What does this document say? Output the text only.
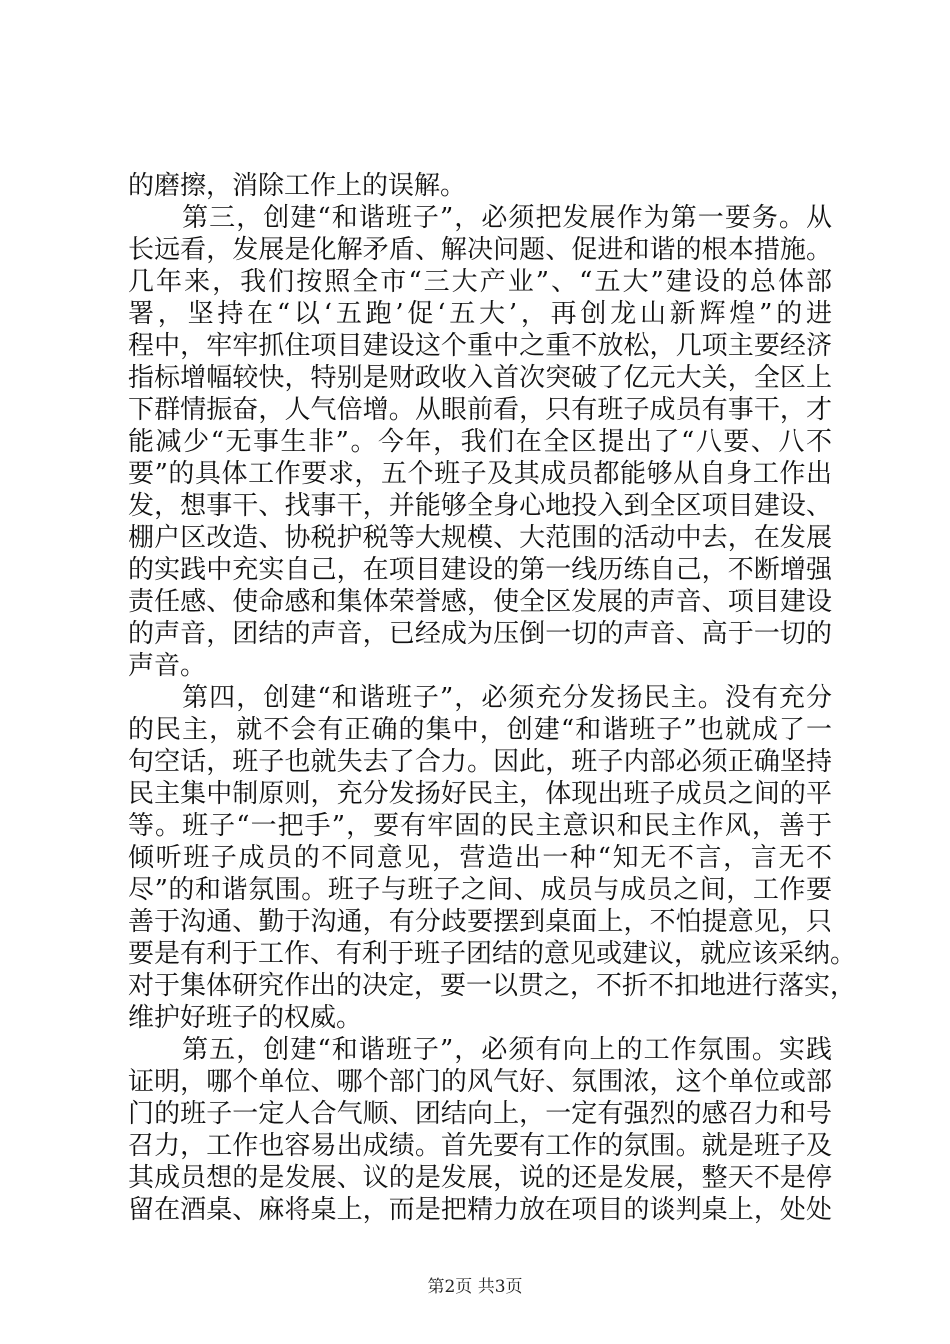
的磨擦，消除工作上的误解。
　　第三，创建“和谐班子”，必须把发展作为第一要务。从
长远看，发展是化解矛盾、解决问题、促进和谐的根本措施。
几年来，我们按照全市“三大产业”、“五大”建设的总体部
署，坚持在“以‘五跑’促‘五大’，再创龙山新辉煌”的进
程中，牢牢抓住项目建设这个重中之重不放松，几项主要经济
指标增幅较快，特别是财政收入首次突破了亿元大关，全区上
下群情振奋，人气倍增。从眼前看，只有班子成员有事干，才
能减少“无事生非”。今年，我们在全区提出了“八要、八不
要”的具体工作要求，五个班子及其成员都能够从自身工作出
发，想事干、找事干，并能够全身心地投入到全区项目建设、
棚户区改造、协税护税等大规模、大范围的活动中去，在发展
的实践中充实自己，在项目建设的第一线历练自己，不断增强
责任感、使命感和集体荣誉感，使全区发展的声音、项目建设
的声音，团结的声音，已经成为压倒一切的声音、高于一切的
声音。
　　第四，创建“和谐班子”，必须充分发扬民主。没有充分
的民主，就不会有正确的集中，创建“和谐班子”也就成了一
句空话，班子也就失去了合力。因此，班子内部必须正确坚持
民主集中制原则，充分发扬好民主，体现出班子成员之间的平
等。班子“一把手”，要有牢固的民主意识和民主作风，善于
倾听班子成员的不同意见，营造出一种“知无不言，言无不
尽”的和谐氛围。班子与班子之间、成员与成员之间，工作要
善于沟通、勤于沟通，有分歧要摆到桌面上，不怕提意见，只
要是有利于工作、有利于班子团结的意见或建议，就应该采纳。
对于集体研究作出的决定，要一以贯之，不折不扣地进行落实，
维护好班子的权威。
　　第五，创建“和谐班子”，必须有向上的工作氛围。实践
证明，哪个单位、哪个部门的风气好、氛围浓，这个单位或部
门的班子一定人合气顺、团结向上，一定有强烈的感召力和号
召力，工作也容易出成绩。首先要有工作的氛围。就是班子及
其成员想的是发展、议的是发展，说的还是发展，整天不是停
留在酒桌、麻将桌上，而是把精力放在项目的谈判桌上，处处
第2页 共3页
